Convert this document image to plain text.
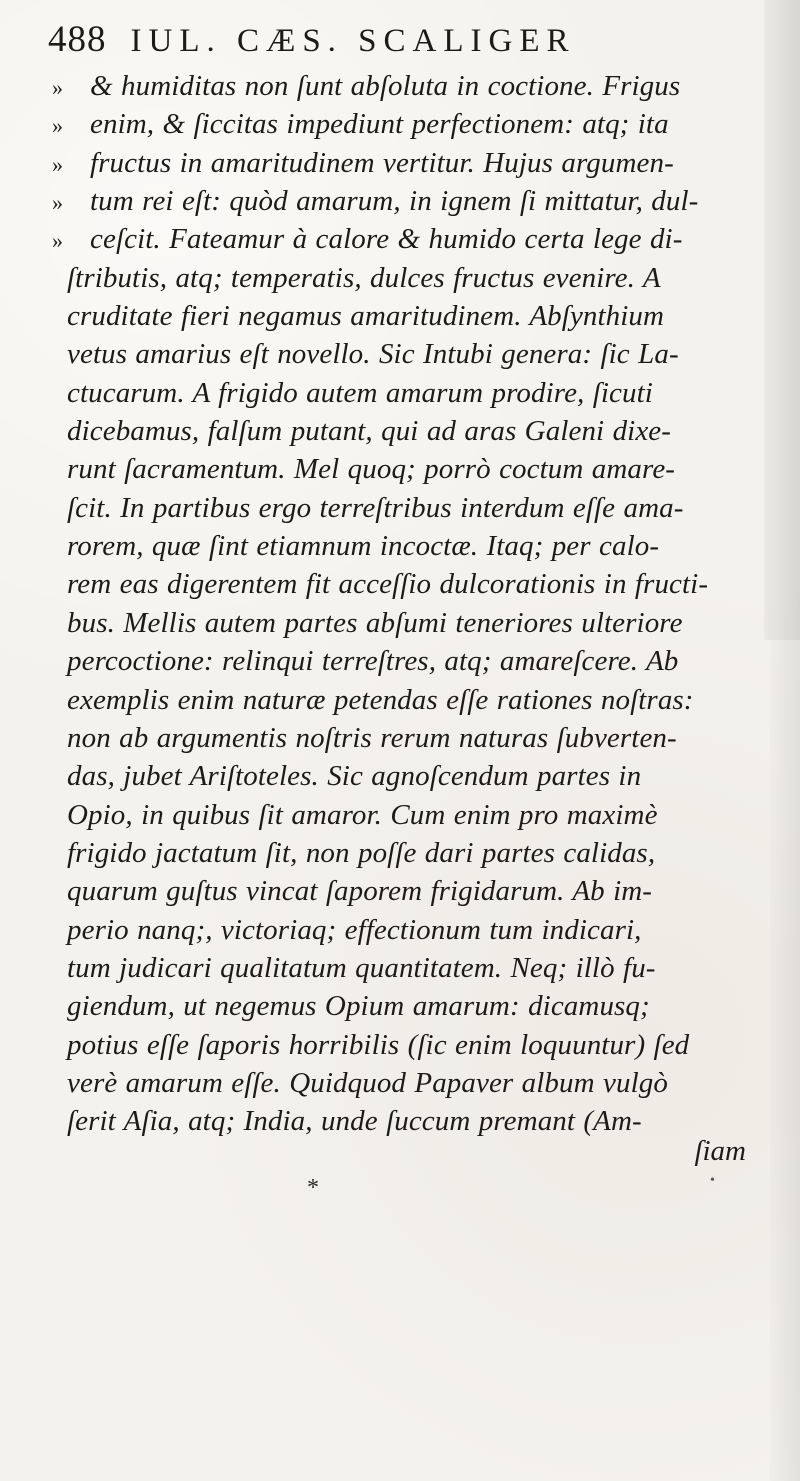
488 IUL. CÆS. SCALIGER
» & humiditas non ſunt abſoluta in coctione. Frigus
» enim, & ſiccitas impediunt perfectionem: atq; ita
» fructus in amaritudinem vertitur. Hujus argumen-
» tum rei eſt: quòd amarum, in ignem ſi mittatur, dul-
» ceſcit. Fateamur à calore & humido certa lege di-
ſtributis, atq; temperatis, dulces fructus evenire. A
cruditate fieri negamus amaritudinem. Abſynthium
vetus amarius eſt novello. Sic Intubi genera: ſic La-
ctucarum. A frigido autem amarum prodire, ſicuti
dicebamus, falſum putant, qui ad aras Galeni dixe-
runt ſacramentum. Mel quoq; porrò coctum amare-
ſcit. In partibus ergo terreſtribus interdum eſſe ama-
rorem, quæ ſint etiamnum incoctæ. Itaq; per calo-
rem eas digerentem fit acceſſio dulcorationis in fructi-
bus. Mellis autem partes abſumi teneriores ulteriore
percoctione: relinqui terreſtres, atq; amareſcere. Ab
exemplis enim naturæ petendas eſſe rationes noſtras:
non ab argumentis noſtris rerum naturas ſubverten-
das, jubet Ariſtoteles. Sic agnoſcendum partes in
Opio, in quibus ſit amaror. Cum enim pro maximè
frigido jactatum ſit, non poſſe dari partes calidas,
quarum guſtus vincat ſaporem frigidarum. Ab im-
perio nanq;, victoriaq; effectionum tum indicari,
tum judicari qualitatum quantitatem. Neq; illò fu-
giendum, ut negemus Opium amarum: dicamusq;
potius eſſe ſaporis horribilis (ſic enim loquuntur) ſed
verè amarum eſſe. Quidquod Papaver album vulgò
ſerit Aſia, atq; India, unde ſuccum premant (Am-
ſiam
*	•
